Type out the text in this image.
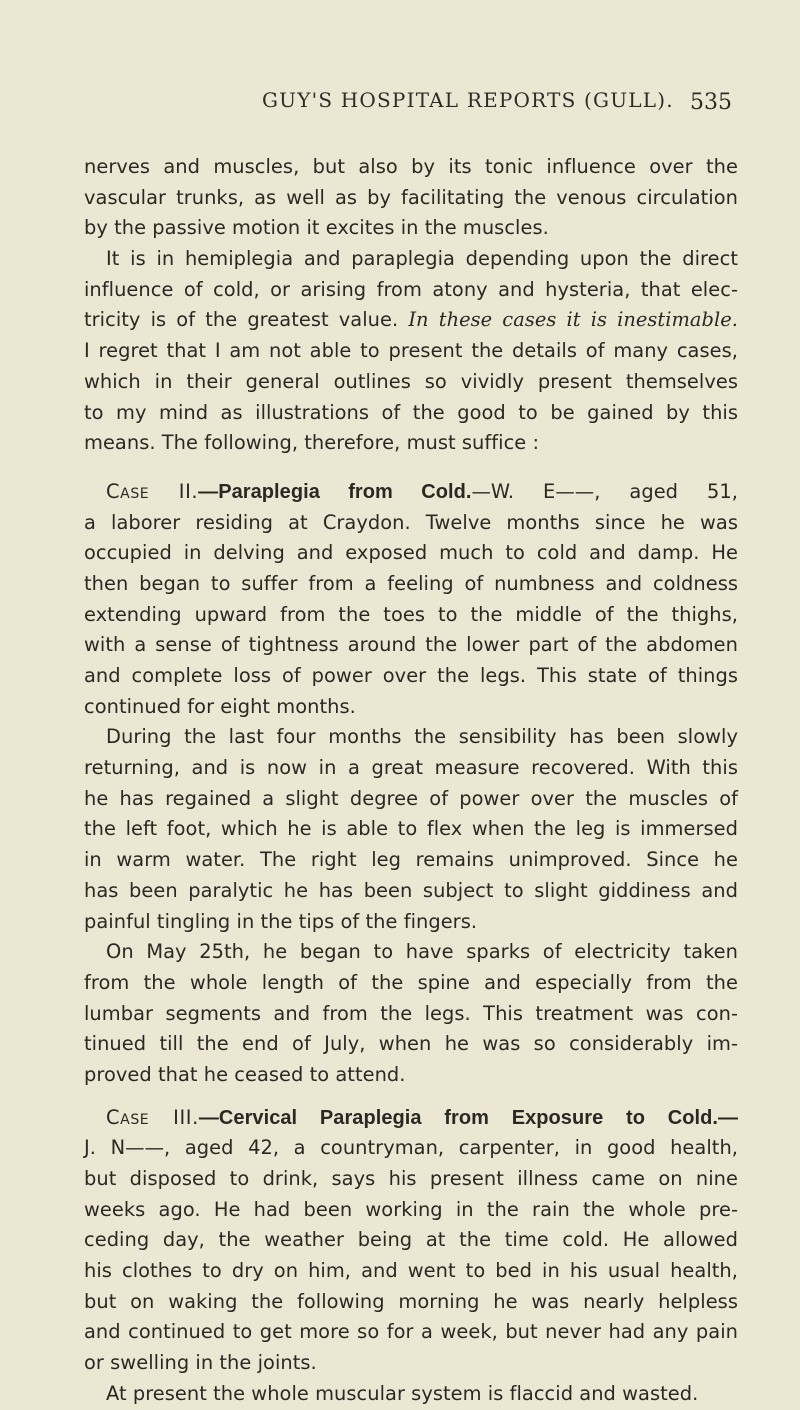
GUY'S HOSPITAL REPORTS (GULL). 535
nerves and muscles, but also by its tonic influence over the
vascular trunks, as well as by facilitating the venous circulation
by the passive motion it excites in the muscles.
It is in hemiplegia and paraplegia depending upon the direct
influence of cold, or arising from atony and hysteria, that elec-
tricity is of the greatest value. In these cases it is inestimable.
I regret that I am not able to present the details of many cases,
which in their general outlines so vividly present themselves
to my mind as illustrations of the good to be gained by this
means. The following, therefore, must suffice :
Case II.—Paraplegia from Cold.—W. E——, aged 51,
a laborer residing at Craydon. Twelve months since he was
occupied in delving and exposed much to cold and damp. He
then began to suffer from a feeling of numbness and coldness
extending upward from the toes to the middle of the thighs,
with a sense of tightness around the lower part of the abdomen
and complete loss of power over the legs. This state of things
continued for eight months.
During the last four months the sensibility has been slowly
returning, and is now in a great measure recovered. With this
he has regained a slight degree of power over the muscles of
the left foot, which he is able to flex when the leg is immersed
in warm water. The right leg remains unimproved. Since he
has been paralytic he has been subject to slight giddiness and
painful tingling in the tips of the fingers.
On May 25th, he began to have sparks of electricity taken
from the whole length of the spine and especially from the
lumbar segments and from the legs. This treatment was con-
tinued till the end of July, when he was so considerably im-
proved that he ceased to attend.
Case III.—Cervical Paraplegia from Exposure to Cold.—
J. N——, aged 42, a countryman, carpenter, in good health,
but disposed to drink, says his present illness came on nine
weeks ago. He had been working in the rain the whole pre-
ceding day, the weather being at the time cold. He allowed
his clothes to dry on him, and went to bed in his usual health,
but on waking the following morning he was nearly helpless
and continued to get more so for a week, but never had any pain
or swelling in the joints.
At present the whole muscular system is flaccid and wasted.
